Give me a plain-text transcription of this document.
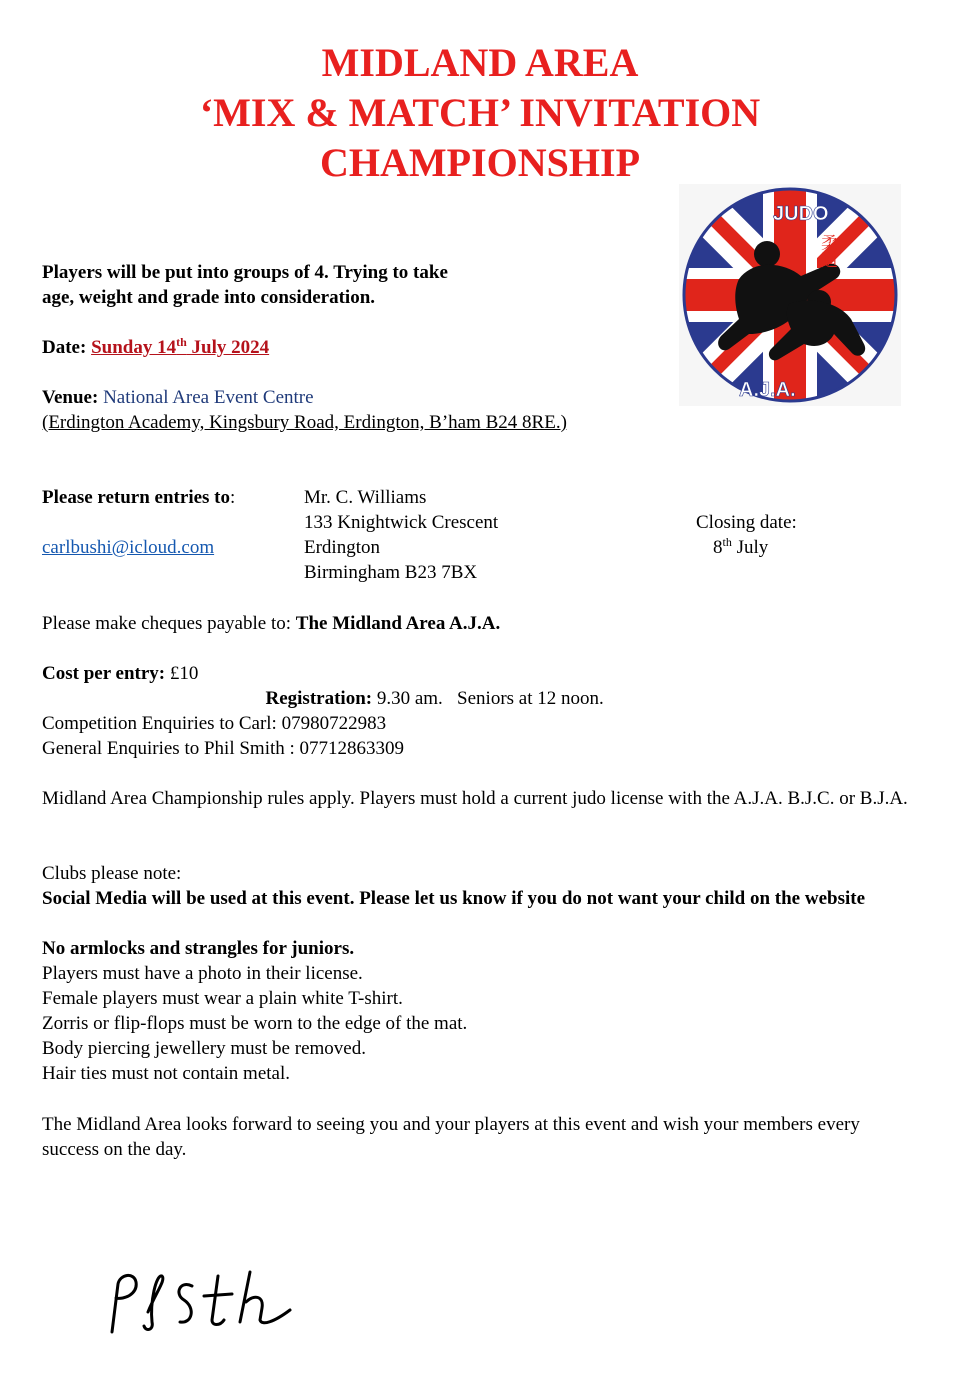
MIDLAND AREA
‘MIX & MATCH’ INVITATION
CHAMPIONSHIP
JUDO
柔道
A.J.A.
Players will be put into groups of 4. Trying to take
age, weight and grade into consideration.
Date: Sunday 14th July 2024
Venue: National Area Event Centre
(Erdington Academy, Kingsbury Road, Erdington, B’ham B24 8RE.)
Please return entries to:
carlbushi@icloud.com
Mr. C. Williams
133 Knightwick Crescent
Erdington
Birmingham B23 7BX
Closing date:
8th July
Please make cheques payable to: The Midland Area A.J.A.
Cost per entry: £10

Registration: 9.30 am.   Seniors at 12 noon.

Competition Enquiries to Carl: 07980722983
General Enquiries to Phil Smith : 07712863309
Midland Area Championship rules apply. Players must hold a current judo license with the A.J.A. B.J.C. or B.J.A.
Clubs please note:
Social Media will be used at this event. Please let us know if you do not want your child on the website
No armlocks and strangles for juniors.
Players must have a photo in their license.
Female players must wear a plain white T-shirt.
Zorris or flip-flops must be worn to the edge of the mat.
Body piercing jewellery must be removed.
Hair ties must not contain metal.
The Midland Area looks forward to seeing you and your players at this event and wish your members every success on the day.
